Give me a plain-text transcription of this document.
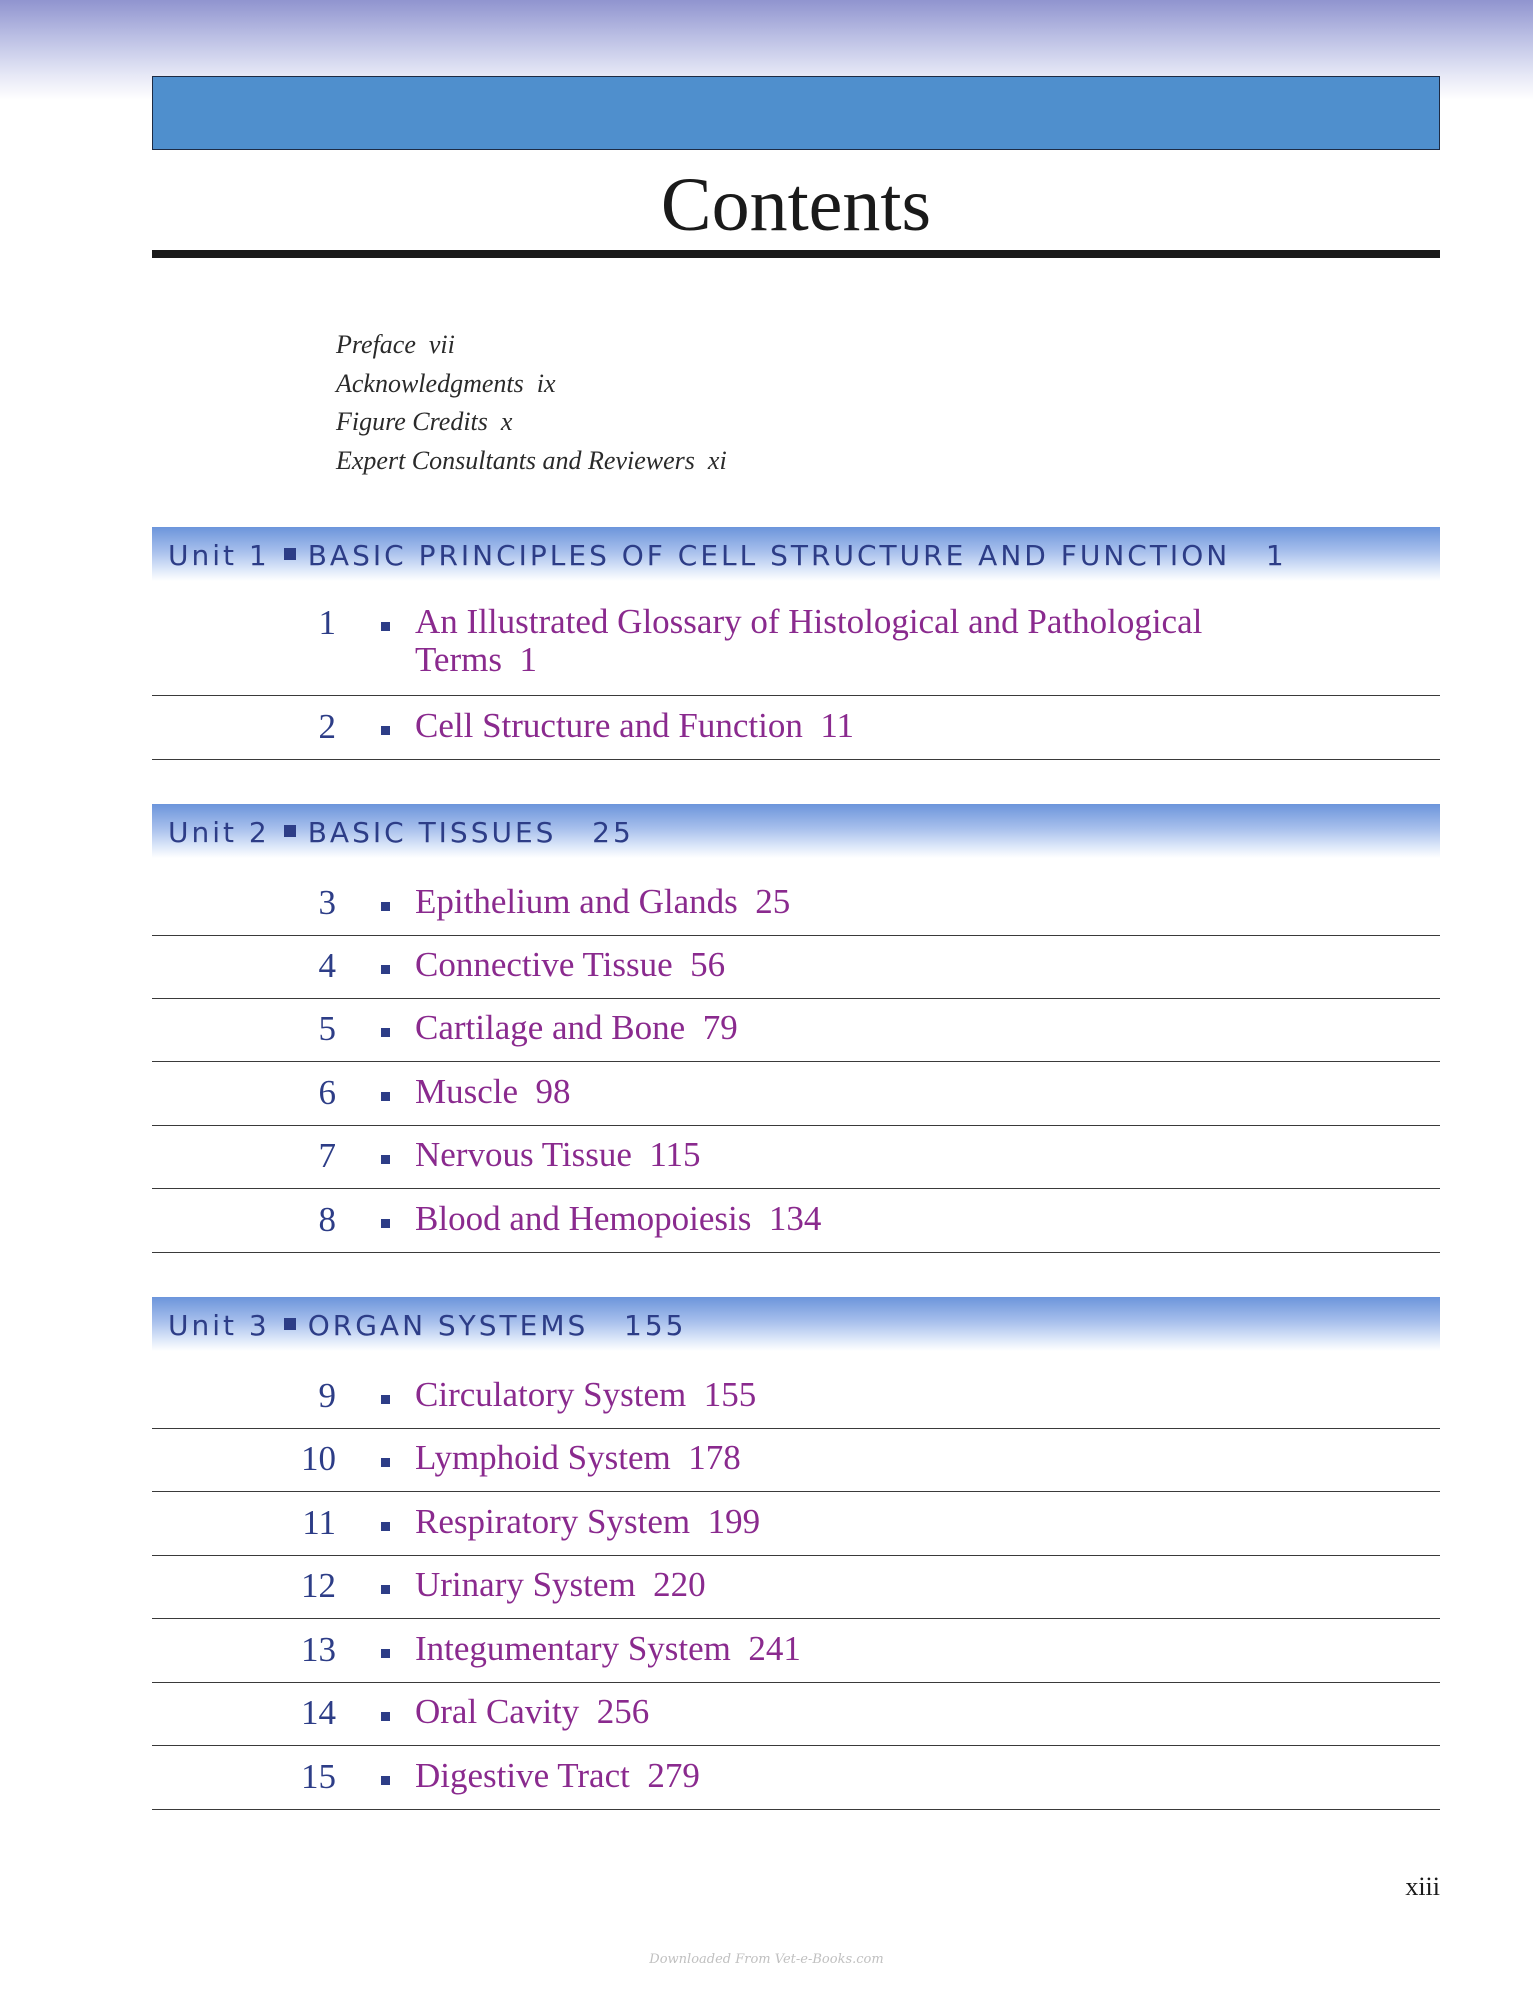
Contents
Preface vii
Acknowledgments ix
Figure Credits x
Expert Consultants and Reviewers xi
Unit 1 BASIC PRINCIPLES OF CELL STRUCTURE AND FUNCTION 1
1 An Illustrated Glossary of Histological and Pathological
Terms  1
2 Cell Structure and Function  11
Unit 2 BASIC TISSUES 25
3 Epithelium and Glands  25
4 Connective Tissue  56
5 Cartilage and Bone  79
6 Muscle  98
7 Nervous Tissue  115
8 Blood and Hemopoiesis  134
Unit 3 ORGAN SYSTEMS 155
9 Circulatory System  155
10 Lymphoid System  178
11 Respiratory System  199
12 Urinary System  220
13 Integumentary System  241
14 Oral Cavity  256
15 Digestive Tract  279
xiii
Downloaded From Vet-e-Books.com
